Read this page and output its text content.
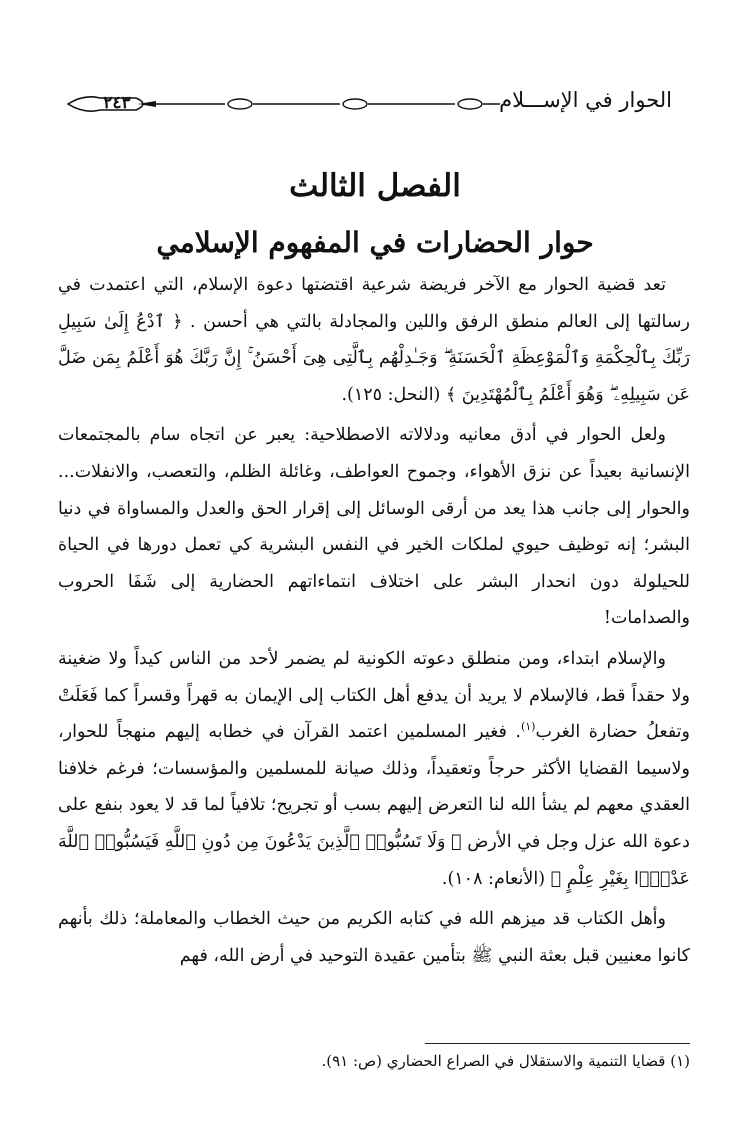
٢٤٣	الحوار في الإســـلام
الفصل الثالث
حوار الحضارات في المفهوم الإسلامي

تعد قضية الحوار مع الآخر فريضة شرعية اقتضتها دعوة الإسلام، التي اعتمدت في رسالتها إلى العالم منطق الرفق واللين والمجادلة بالتي هي أحسن . ﴿ ٱدْعُ إِلَىٰ سَبِيلِ رَبِّكَ بِٱلْحِكْمَةِ وَٱلْمَوْعِظَةِ ٱلْحَسَنَةِ ۖ وَجَـٰدِلْهُم بِٱلَّتِى هِىَ أَحْسَنُ ۚ إِنَّ رَبَّكَ هُوَ أَعْلَمُ بِمَن ضَلَّ عَن سَبِيلِهِۦ ۖ وَهُوَ أَعْلَمُ بِٱلْمُهْتَدِينَ ﴾ (النحل: ١٢٥).

ولعل الحوار في أدق معانيه ودلالاته الاصطلاحية: يعبر عن اتجاه سام بالمجتمعات الإنسانية بعيداً عن نزق الأهواء، وجموح العواطف، وغائلة الظلم، والتعصب، والانفلات... والحوار إلى جانب هذا يعد من أرقى الوسائل إلى إقرار الحق والعدل والمساواة في دنيا البشر؛ إنه توظيف حيوي لملكات الخير في النفس البشرية كي تعمل دورها في الحياة للحيلولة دون انحدار البشر على اختلاف انتماءاتهم الحضارية إلى شَفَا الحروب والصدامات!

والإسلام ابتداء، ومن منطلق دعوته الكونية لم يضمر لأحد من الناس كيداً ولا ضغينة ولا حقداً قط، فالإسلام لا يريد أن يدفع أهل الكتاب إلى الإيمان به قهراً وقسراً كما فَعَلَتْ وتفعلُ حضارة الغرب$^{(١)}$. فغير المسلمين اعتمد القرآن في خطابه إليهم منهجاً للحوار، ولاسيما القضايا الأكثر حرجاً وتعقيداً، وذلك صيانة للمسلمين والمؤسسات؛ فرغم خلافنا العقدي معهم لم يشأ الله لنا التعرض إليهم بسب أو تجريح؛ تلافياً لما قد لا يعود بنفع على دعوة الله عزل وجل في الأرض ﴿ وَلَا تَسُبُّوا۟ ٱلَّذِينَ يَدْعُونَ مِن دُونِ ٱللَّهِ فَيَسُبُّوا۟ ٱللَّهَ عَدْوًۢا بِغَيْرِ عِلْمٍ ﴾ (الأنعام: ١٠٨).

وأهل الكتاب قد ميزهم الله في كتابه الكريم من حيث الخطاب والمعاملة؛ ذلك بأنهم كانوا معنيين قبل بعثة النبي ﷺ بتأمين عقيدة التوحيد في أرض الله، فهم

(١) قضايا التنمية والاستقلال في الصراع الحضاري (ص: ٩١).
